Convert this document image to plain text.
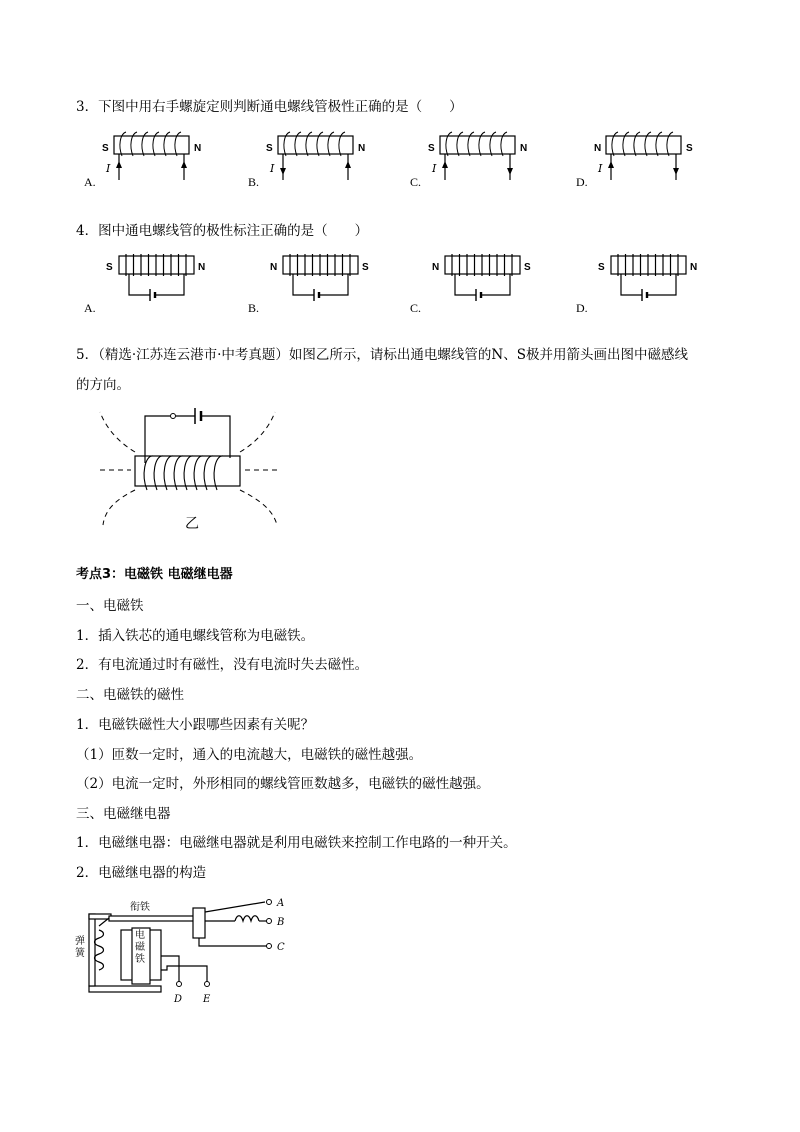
3．下图中用右手螺旋定则判断通电螺线管极性正确的是（　　）
4．图中通电螺线管的极性标注正确的是（　　）
5．（精选·江苏连云港市·中考真题）如图乙所示，请标出通电螺线管的N、S极并用箭头画出图中磁感线
的方向。
乙
考点3：电磁铁 电磁继电器
一、电磁铁
1．插入铁芯的通电螺线管称为电磁铁。
2．有电流通过时有磁性，没有电流时失去磁性。
二、电磁铁的磁性
1．电磁铁磁性大小跟哪些因素有关呢？
（1）匝数一定时，通入的电流越大，电磁铁的磁性越强。
（2）电流一定时，外形相同的螺线管匝数越多，电磁铁的磁性越强。
三、电磁继电器
1．电磁继电器：电磁继电器就是利用电磁铁来控制工作电路的一种开关。
2．电磁继电器的构造
衔铁	A
B
C
D E
弹簧
电磁铁
S	N
I
A.
S	N
I
B.
S	N
I
C.
N	S
I
D.
S	N
A.
N	S
B.
N	S
C.
S	N
D.
